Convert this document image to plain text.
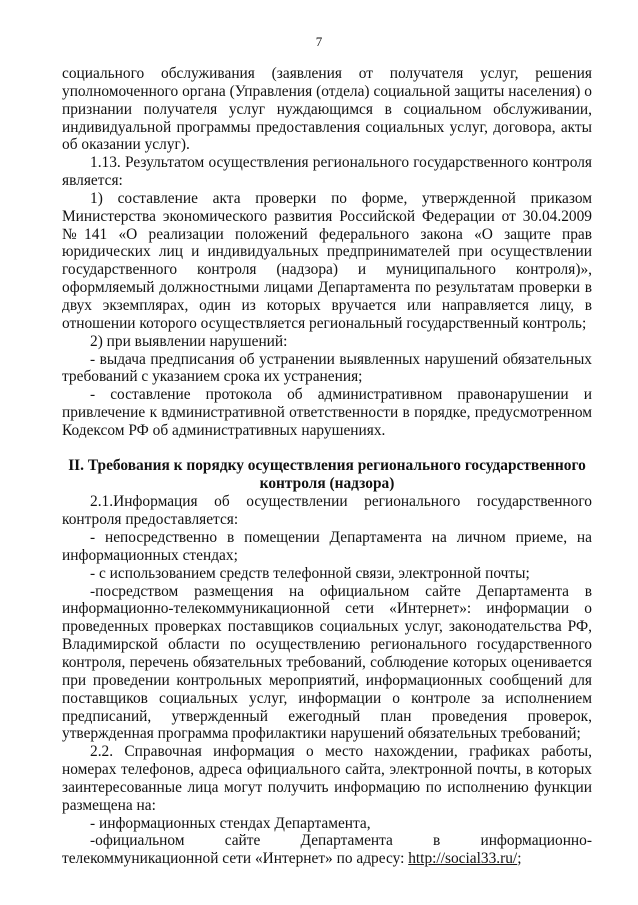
7

социального обслуживания (заявления от получателя услуг, решения уполномоченного органа (Управления (отдела) социальной защиты населения) о признании получателя услуг нуждающимся в социальном обслуживании, индивидуальной программы предоставления социальных услуг, договора, акты об оказании услуг).

1.13. Результатом осуществления регионального государственного контроля является:

1) составление акта проверки по форме, утвержденной приказом Министерства экономического развития Российской Федерации от 30.04.2009 №141 «О реализации положений федерального закона «О защите прав юридических лиц и индивидуальных предпринимателей при осуществлении государственного контроля (надзора) и муниципального контроля)», оформляемый должностными лицами Департамента по результатам проверки в двух экземплярах, один из которых вручается или направляется лицу, в отношении которого осуществляется региональный государственный контроль;

2) при выявлении нарушений:

- выдача предписания об устранении выявленных нарушений обязательных требований с указанием срока их устранения;

- составление протокола об административном правонарушении и привлечение к вдминистративной ответственности в порядке, предусмотренном Кодексом РФ об административных нарушениях.

II. Требования к порядку осуществления регионального государственного контроля (надзора)

2.1.Информация об осуществлении регионального государственного контроля предоставляется:

- непосредственно в помещении Департамента на личном приеме, на информационных стендах;

- с использованием средств телефонной связи, электронной почты;

-посредством размещения на официальном сайте Департамента в информационно-телекоммуникационной сети «Интернет»: информации о проведенных проверках поставщиков социальных услуг, законодательства РФ, Владимирской области по осуществлению регионального государственного контроля, перечень обязательных требований, соблюдение которых оценивается при проведении контрольных мероприятий, информационных сообщений для поставщиков социальных услуг, информации о контроле за исполнением предписаний, утвержденный ежегодный план проведения проверок, утвержденная программа профилактики нарушений обязательных требований;

2.2. Справочная информация о место нахождении, графиках работы, номерах телефонов, адреса официального сайта, электронной почты, в которых заинтересованные лица могут получить информацию по исполнению функции размещена на:

- информационных стендах Департамента,

-официальном сайте Департамента в информационно-телекоммуникационной сети «Интернет» по адресу: http://social33.ru/;
